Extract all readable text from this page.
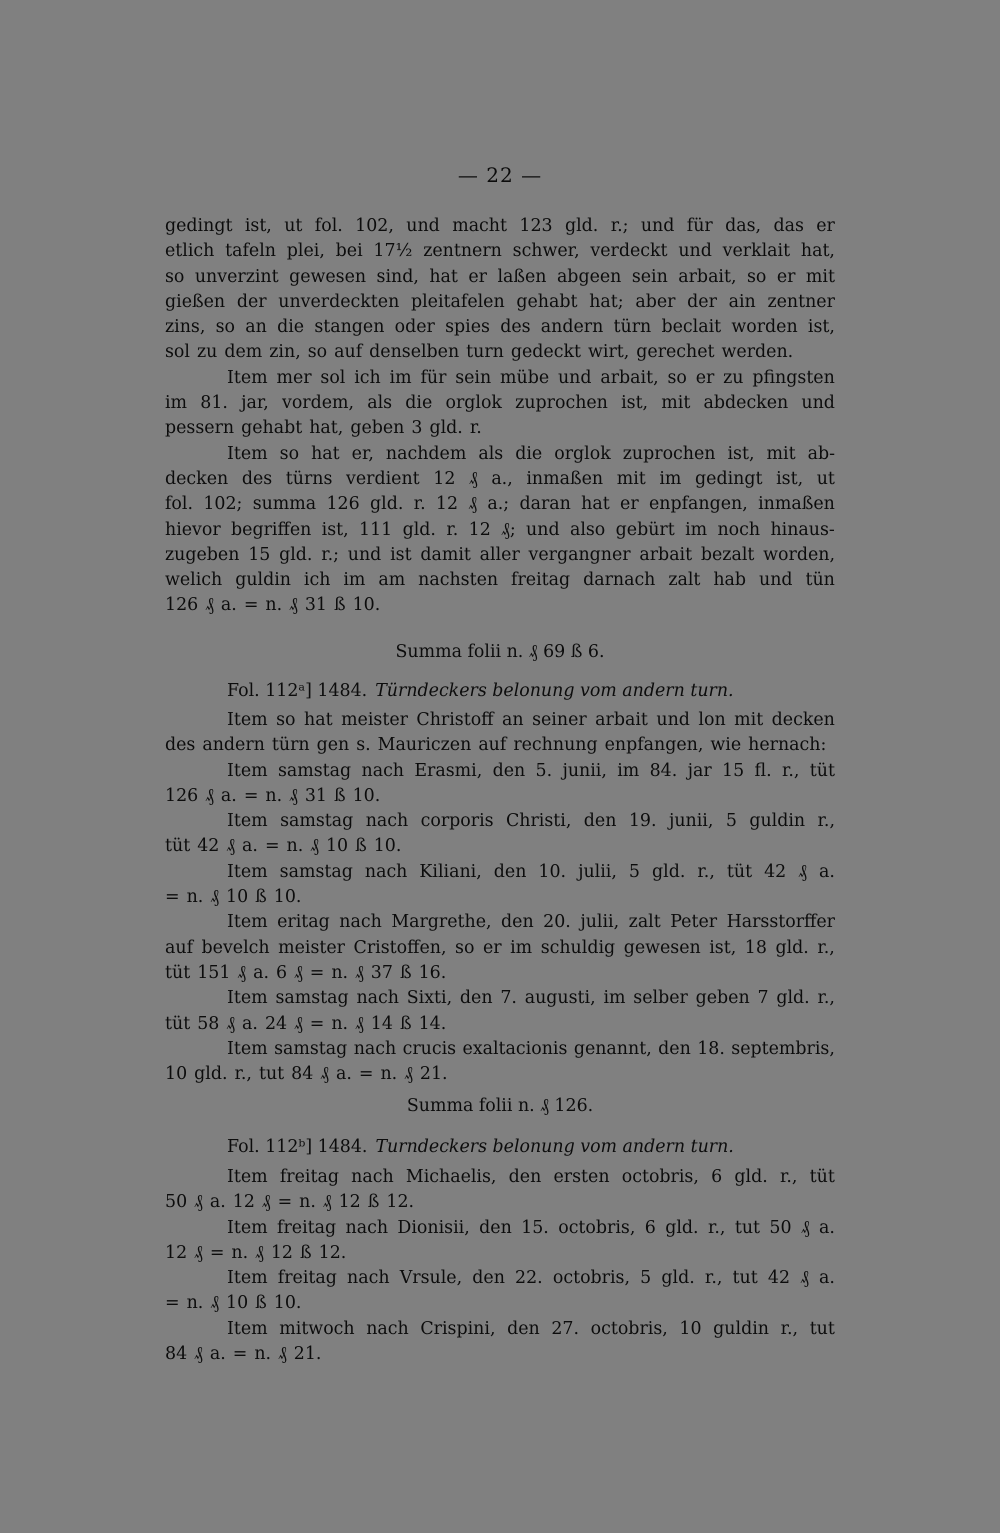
— 22 —
gedingt ist, ut fol. 102, und macht 123 gld. r.; und für das, das er
etlich tafeln plei, bei 17½ zentnern schwer, verdeckt und verklait hat,
so unverzint gewesen sind, hat er laßen abgeen sein arbait, so er mit
gießen der unverdeckten pleitafelen gehabt hat; aber der ain zentner
zins, so an die stangen oder spies des andern türn beclait worden ist,
sol zu dem zin, so auf denselben turn gedeckt wirt, gerechet werden.
Item mer sol ich im für sein mübe und arbait, so er zu pfingsten
im 81. jar, vordem, als die orglok zuprochen ist, mit abdecken und
pessern gehabt hat, geben 3 gld. r.
Item so hat er, nachdem als die orglok zuprochen ist, mit ab-
decken des türns verdient 12 ₰ a., inmaßen mit im gedingt ist, ut
fol. 102; summa 126 gld. r. 12 ₰ a.; daran hat er enpfangen, inmaßen
hievor begriffen ist, 111 gld. r. 12 ₰; und also gebürt im noch hinaus-
zugeben 15 gld. r.; und ist damit aller vergangner arbait bezalt worden,
welich guldin ich im am nachsten freitag darnach zalt hab und tün
126 ₰ a. = n. ₰ 31 ß 10.
Summa folii n. ₰ 69 ß 6.
Fol. 112ᵃ] 1484. Türndeckers belonung vom andern turn.
Item so hat meister Christoff an seiner arbait und lon mit decken
des andern türn gen s. Mauriczen auf rechnung enpfangen, wie hernach:
Item samstag nach Erasmi, den 5. junii, im 84. jar 15 fl. r., tüt
126 ₰ a. = n. ₰ 31 ß 10.
Item samstag nach corporis Christi, den 19. junii, 5 guldin r.,
tüt 42 ₰ a. = n. ₰ 10 ß 10.
Item samstag nach Kiliani, den 10. julii, 5 gld. r., tüt 42 ₰ a.
= n. ₰ 10 ß 10.
Item eritag nach Margrethe, den 20. julii, zalt Peter Harsstorffer
auf bevelch meister Cristoffen, so er im schuldig gewesen ist, 18 gld. r.,
tüt 151 ₰ a. 6 ₰ = n. ₰ 37 ß 16.
Item samstag nach Sixti, den 7. augusti, im selber geben 7 gld. r.,
tüt 58 ₰ a. 24 ₰ = n. ₰ 14 ß 14.
Item samstag nach crucis exaltacionis genannt, den 18. septembris,
10 gld. r., tut 84 ₰ a. = n. ₰ 21.
Summa folii n. ₰ 126.
Fol. 112ᵇ] 1484. Turndeckers belonung vom andern turn.
Item freitag nach Michaelis, den ersten octobris, 6 gld. r., tüt
50 ₰ a. 12 ₰ = n. ₰ 12 ß 12.
Item freitag nach Dionisii, den 15. octobris, 6 gld. r., tut 50 ₰ a.
12 ₰ = n. ₰ 12 ß 12.
Item freitag nach Vrsule, den 22. octobris, 5 gld. r., tut 42 ₰ a.
= n. ₰ 10 ß 10.
Item mitwoch nach Crispini, den 27. octobris, 10 guldin r., tut
84 ₰ a. = n. ₰ 21.
